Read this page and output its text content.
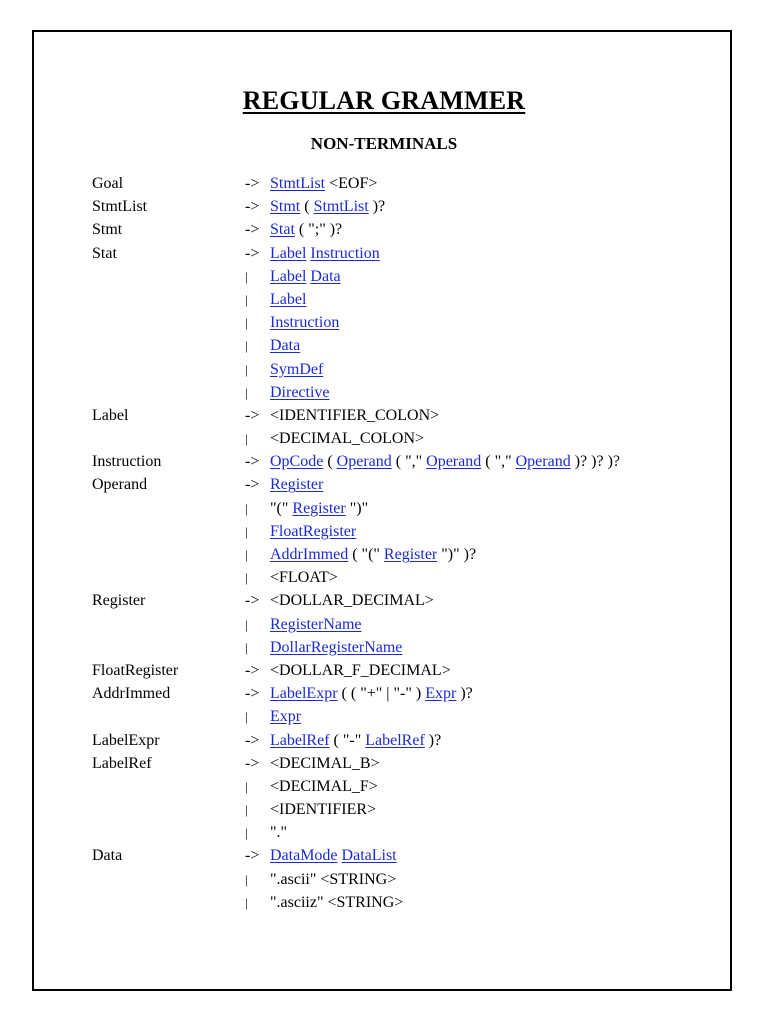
REGULAR GRAMMER
NON-TERMINALS
Goal	-> StmtList <EOF>
StmtList	-> Stmt ( StmtList )?
Stmt	-> Stat ( ";" )?
Stat	-> Label Instruction
| Label Data
| Label
| Instruction
| Data
| SymDef
| Directive
Label	-> <IDENTIFIER_COLON>
| <DECIMAL_COLON>
Instruction	-> OpCode ( Operand ( "," Operand ( "," Operand )? )? )?
Operand	-> Register
| "(" Register ")"
| FloatRegister
| AddrImmed ( "(" Register ")" )?
| <FLOAT>
Register	-> <DOLLAR_DECIMAL>
| RegisterName
| DollarRegisterName
FloatRegister	-> <DOLLAR_F_DECIMAL>
AddrImmed	-> LabelExpr ( ( "+" | "-" ) Expr )?
| Expr
LabelExpr	-> LabelRef ( "-" LabelRef )?
LabelRef	-> <DECIMAL_B>
| <DECIMAL_F>
| <IDENTIFIER>
| "."
Data	-> DataMode DataList
| ".ascii" <STRING>
| ".asciiz" <STRING>
